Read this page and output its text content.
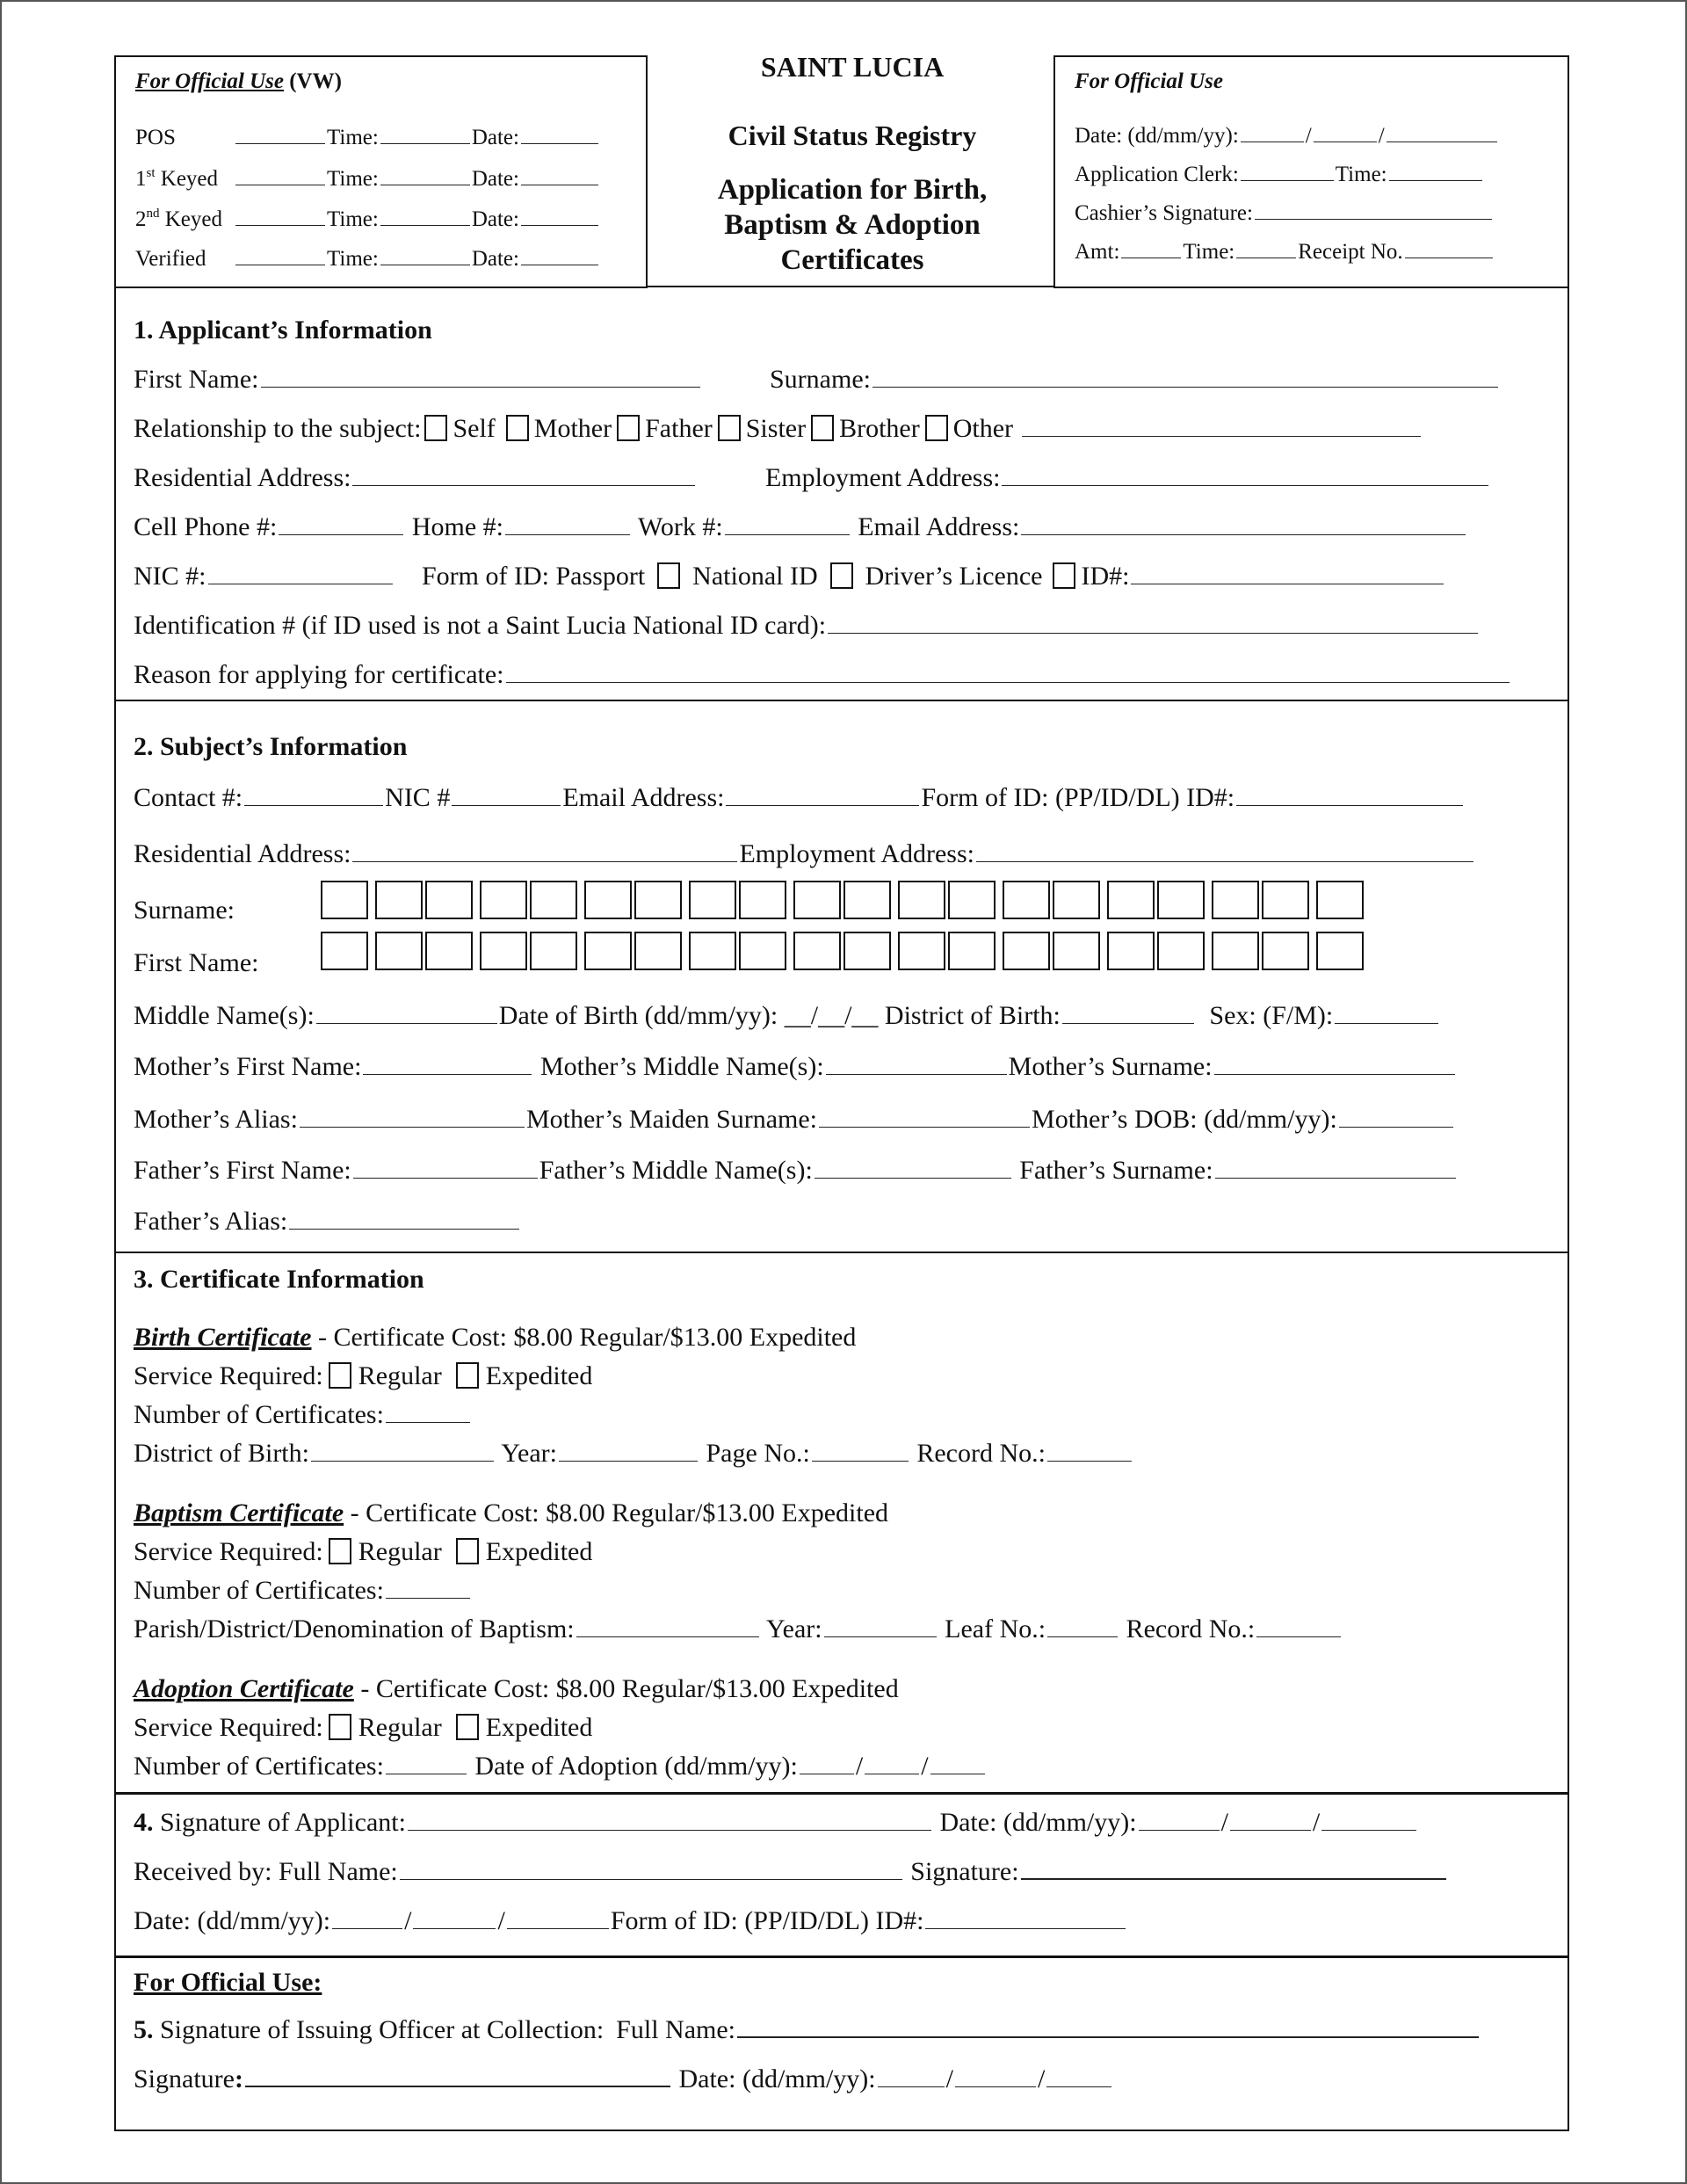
For Official Use (VW)
POS	Time:	Date:
1st Keyed	Time:	Date:
2nd Keyed	Time:	Date:
Verified	Time:	Date:
SAINT LUCIA
Civil Status Registry
Application for Birth,
Baptism & Adoption
Certificates
For Official Use
Date: (dd/mm/yy):	/	/
Application Clerk:	Time:
Cashier’s Signature:
Amt:	Time:	Receipt No.
1. Applicant’s Information
First Name:	Surname:
Relationship to the subject: Self Mother Father Sister Brother Other
Residential Address:	Employment Address:
Cell Phone #:	Home #:	Work #:	Email Address:
NIC #:	Form of ID: Passport National ID Driver’s Licence ID#:
Identification # (if ID used is not a Saint Lucia National ID card):
Reason for applying for certificate:
2. Subject’s Information
Contact #:	NIC #	Email Address:	Form of ID: (PP/ID/DL) ID#:
Residential Address:	Employment Address:
Surname:
First Name:
Middle Name(s):	Date of Birth (dd/mm/yy): __/__/__ District of Birth:	Sex: (F/M):
Mother’s First Name:	Mother’s Middle Name(s):	Mother’s Surname:
Mother’s Alias:	Mother’s Maiden Surname:	Mother’s DOB: (dd/mm/yy):
Father’s First Name:	Father’s Middle Name(s):	Father’s Surname:
Father’s Alias:
3. Certificate Information
Birth Certificate - Certificate Cost: $8.00 Regular/$13.00 Expedited
Service Required: Regular Expedited
Number of Certificates:
District of Birth:	Year:	Page No.:	Record No.:
Baptism Certificate - Certificate Cost: $8.00 Regular/$13.00 Expedited
Service Required: Regular Expedited
Number of Certificates:
Parish/District/Denomination of Baptism:	Year:	Leaf No.:	Record No.:
Adoption Certificate - Certificate Cost: $8.00 Regular/$13.00 Expedited
Service Required: Regular Expedited
Number of Certificates:	Date of Adoption (dd/mm/yy): / /
4. Signature of Applicant:	Date: (dd/mm/yy):	/	/
Received by: Full Name:	Signature:
Date: (dd/mm/yy):	/	/	Form of ID: (PP/ID/DL) ID#:
For Official Use:
5. Signature of Issuing Officer at Collection: Full Name:
Signature:	Date: (dd/mm/yy):	/	/
